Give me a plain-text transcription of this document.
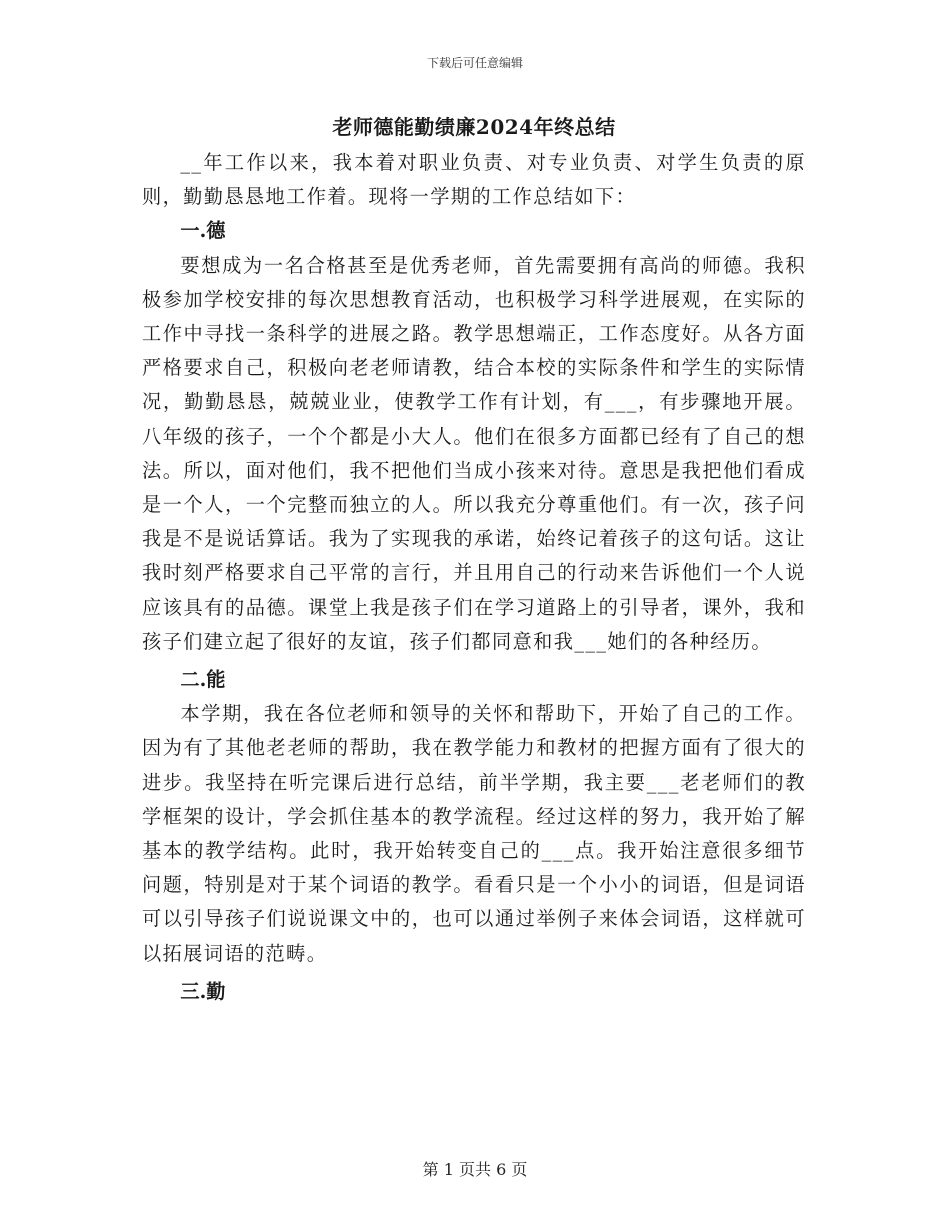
下载后可任意编辑
老师德能勤绩廉2024年终总结

__年工作以来，我本着对职业负责、对专业负责、对学生负责的原则，勤勤恳恳地工作着。现将一学期的工作总结如下：

一.德

要想成为一名合格甚至是优秀老师，首先需要拥有高尚的师德。我积极参加学校安排的每次思想教育活动，也积极学习科学进展观，在实际的工作中寻找一条科学的进展之路。教学思想端正，工作态度好。从各方面严格要求自己，积极向老老师请教，结合本校的实际条件和学生的实际情况，勤勤恳恳，兢兢业业，使教学工作有计划，有___，有步骤地开展。八年级的孩子，一个个都是小大人。他们在很多方面都已经有了自己的想法。所以，面对他们，我不把他们当成小孩来对待。意思是我把他们看成是一个人，一个完整而独立的人。所以我充分尊重他们。有一次，孩子问我是不是说话算话。我为了实现我的承诺，始终记着孩子的这句话。这让我时刻严格要求自己平常的言行，并且用自己的行动来告诉他们一个人说应该具有的品德。课堂上我是孩子们在学习道路上的引导者，课外，我和孩子们建立起了很好的友谊，孩子们都同意和我___她们的各种经历。

二.能

本学期，我在各位老师和领导的关怀和帮助下，开始了自己的工作。因为有了其他老老师的帮助，我在教学能力和教材的把握方面有了很大的进步。我坚持在听完课后进行总结，前半学期，我主要___老老师们的教学框架的设计，学会抓住基本的教学流程。经过这样的努力，我开始了解基本的教学结构。此时，我开始转变自己的___点。我开始注意很多细节问题，特别是对于某个词语的教学。看看只是一个小小的词语，但是词语可以引导孩子们说说课文中的，也可以通过举例子来体会词语，这样就可以拓展词语的范畴。

三.勤

第 1 页共 6 页
